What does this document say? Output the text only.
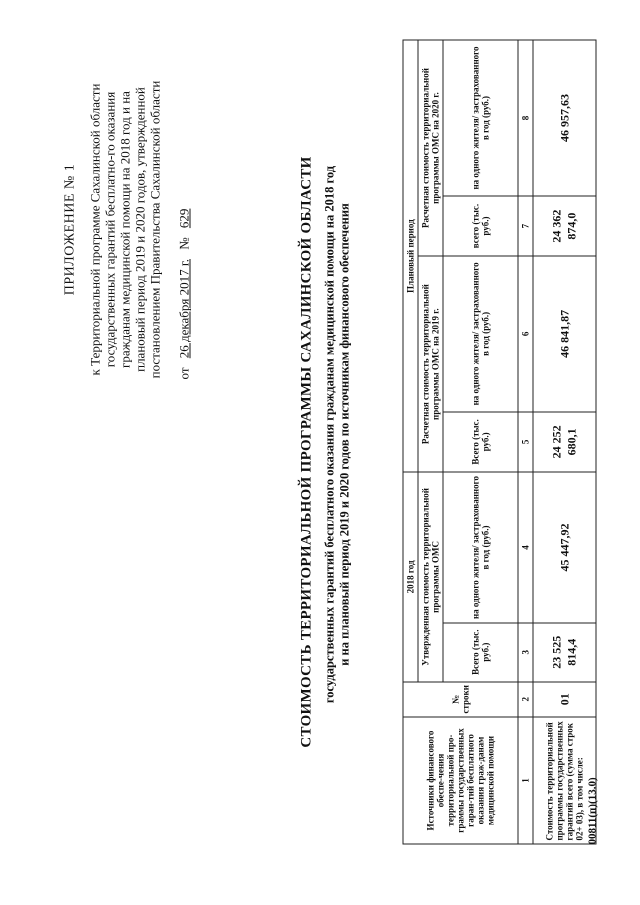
ПРИЛОЖЕНИЕ № 1 к Территориальной программе Сахалинской области государственных гарантий бесплатно-го оказания гражданам медицинской помощи на 2018 год и на плановый период 2019 и 2020 годов, утвержденной постановлением Правительства Сахалинской области от 26 декабря 2017 г. № 629	СТОИМОСТЬ ТЕРРИТОРИАЛЬНОЙ ПРОГРАММЫ САХАЛИНСКОЙ ОБЛАСТИ государственных гарантий бесплатного оказания гражданам медицинской помощи на 2018 год и на плановый период 2019 и 2020 годов по источникам финансового обеспечения
Источники финансового обеспе-чения территориальной про-граммы государственных гаран-тий бесплатного оказания граж-данам медицинской помощи	№ строки	2018 год		Плановый период			
		Утвержденная стоимость территориальной программы ОМС		Расчетная стоимость территориальной программы ОМС на 2019 г.		Расчетная стоимость территориальной программы ОМС на 2020 г.	
		Всего (тыс. руб.)	на одного жителя/ застрахованного в год (руб.)	Всего (тыс. руб.)	на одного жителя/ застрахованного в год (руб.)	всего (тыс. руб.)	на одного жителя/ застрахованного в год (руб.)
1	2	3	4	5	6	7	8
Стоимость территориальной программы государственных гарантий всего (сумма строк 02+ 03), в том числе:	01	23 525 814,4	45 447,92	24 252 680,1	46 841,87	24 362 874,0	46 957,63
00811(п)(13.0)
